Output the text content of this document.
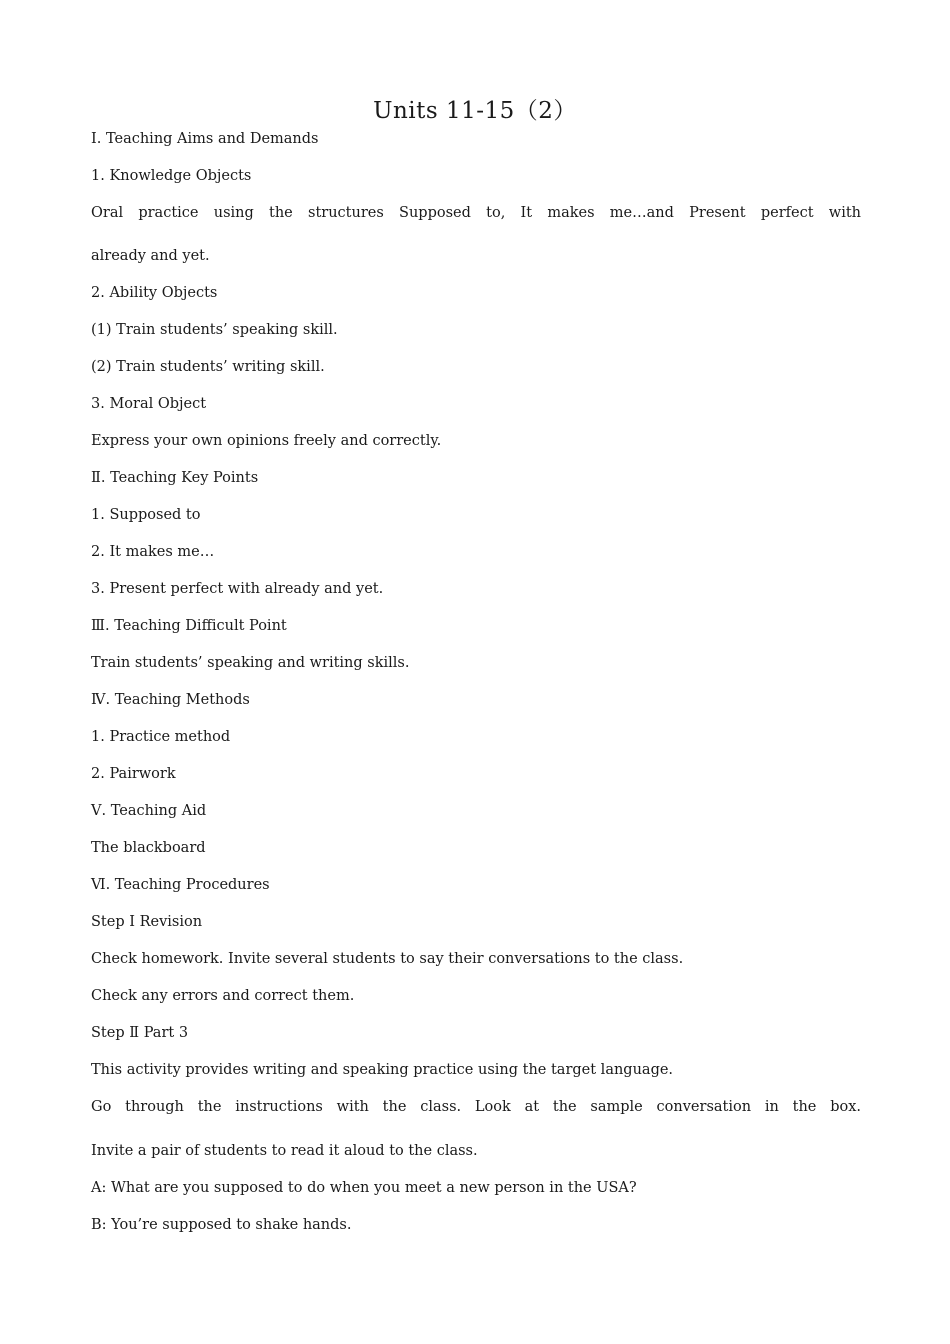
Units 11-15（2）
Ⅰ. Teaching Aims and Demands
1. Knowledge Objects
Oral practice using the structures Supposed to, It makes me…and Present perfect with
already and yet.
2. Ability Objects
(1) Train students’ speaking skill.
(2) Train students’ writing skill.
3. Moral Object
Express your own opinions freely and correctly.
Ⅱ. Teaching Key Points
1. Supposed to
2. It makes me…
3. Present perfect with already and yet.
Ⅲ. Teaching Difficult Point
Train students’ speaking and writing skills.
Ⅳ. Teaching Methods
1. Practice method
2. Pairwork
Ⅴ. Teaching Aid
The blackboard
Ⅵ. Teaching Procedures
Step I Revision
Check homework. Invite several students to say their conversations to the class.
Check any errors and correct them.
Step Ⅱ Part 3
This activity provides writing and speaking practice using the target language.
Go through the instructions with the class. Look at the sample conversation in the box.
Invite a pair of students to read it aloud to the class.
A: What are you supposed to do when you meet a new person in the USA?
B: You’re supposed to shake hands.
